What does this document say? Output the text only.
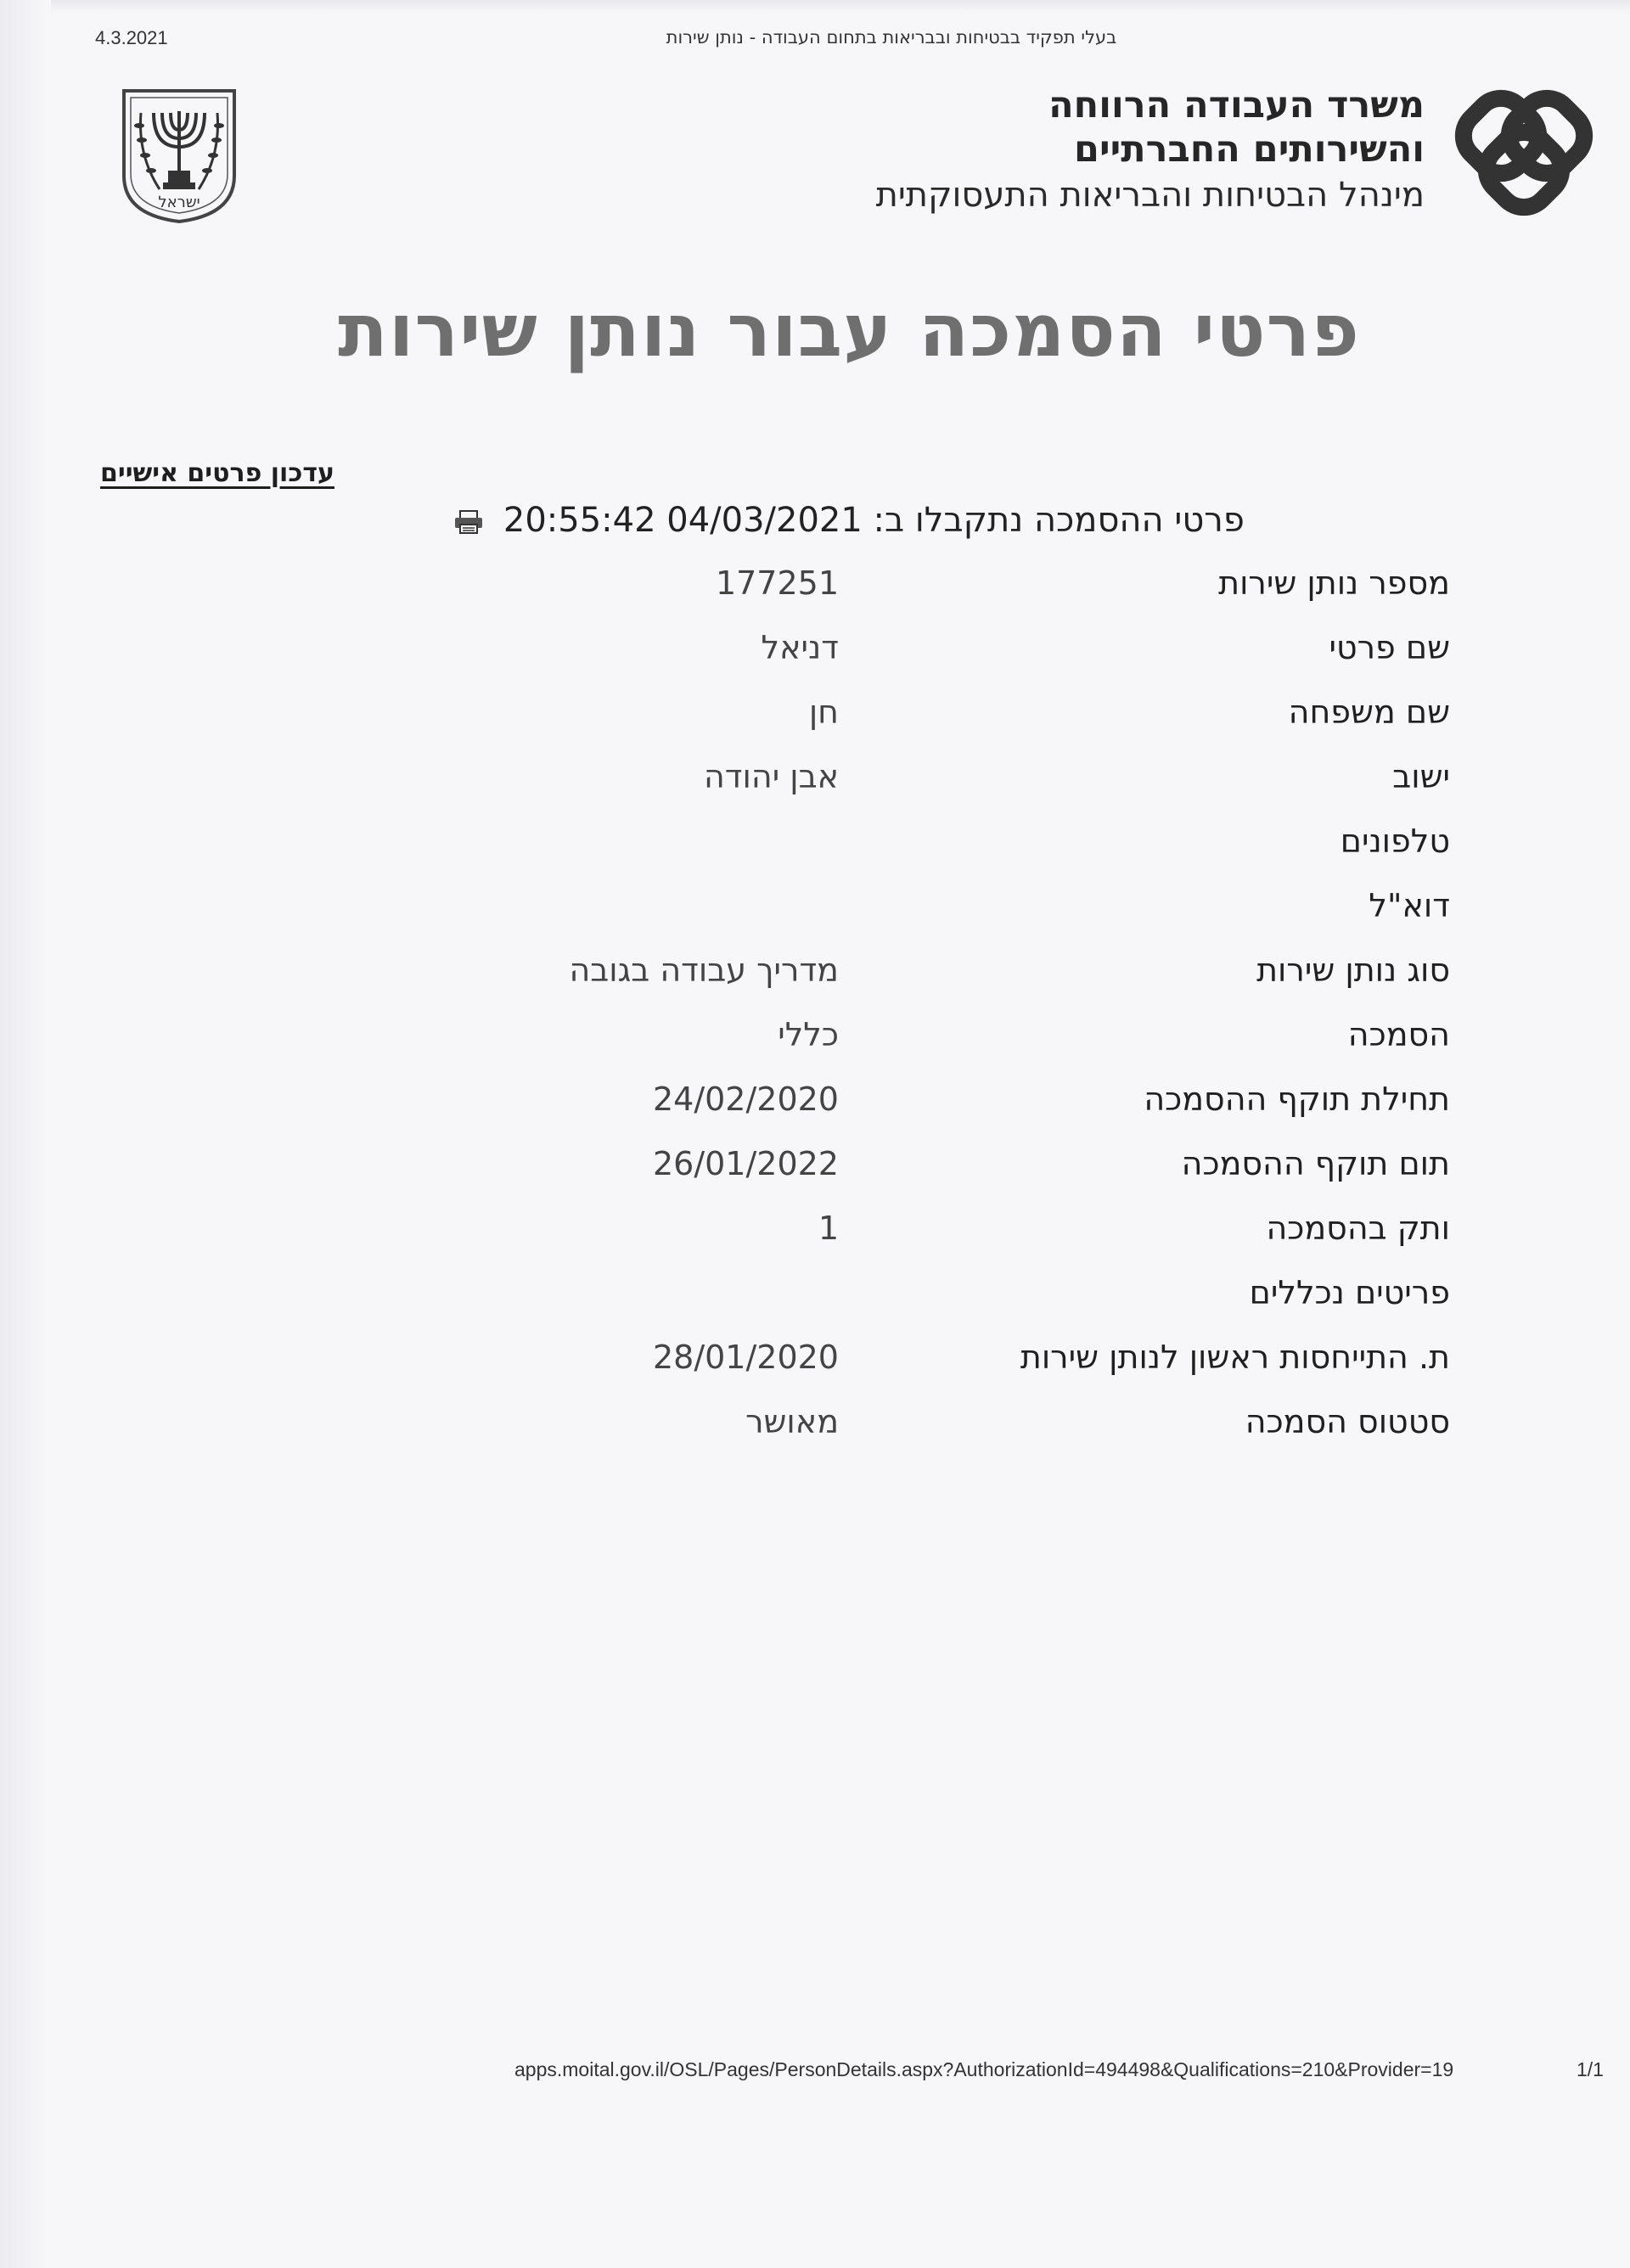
4.3.2021	בעלי תפקיד בבטיחות ובבריאות בתחום העבודה - נותן שירות
ישראל
משרד העבודה הרווחה
והשירותים החברתיים
מינהל הבטיחות והבריאות התעסוקתית
פרטי הסמכה עבור נותן שירות
עדכון פרטים אישיים
פרטי ההסמכה נתקבלו ב: 04/03/2021 20:55:42
מספר נותן שירות
177251
שם פרטי
דניאל
שם משפחה
חן
ישוב
אבן יהודה
טלפונים
דוא"ל
סוג נותן שירות
מדריך עבודה בגובה
הסמכה
כללי
תחילת תוקף ההסמכה
24/02/2020
תום תוקף ההסמכה
26/01/2022
ותק בהסמכה
1
פריטים נכללים
ת. התייחסות ראשון לנותן שירות
28/01/2020
סטטוס הסמכה
מאושר
apps.moital.gov.il/OSL/Pages/PersonDetails.aspx?AuthorizationId=494498&Qualifications=210&Provider=19	1/1
